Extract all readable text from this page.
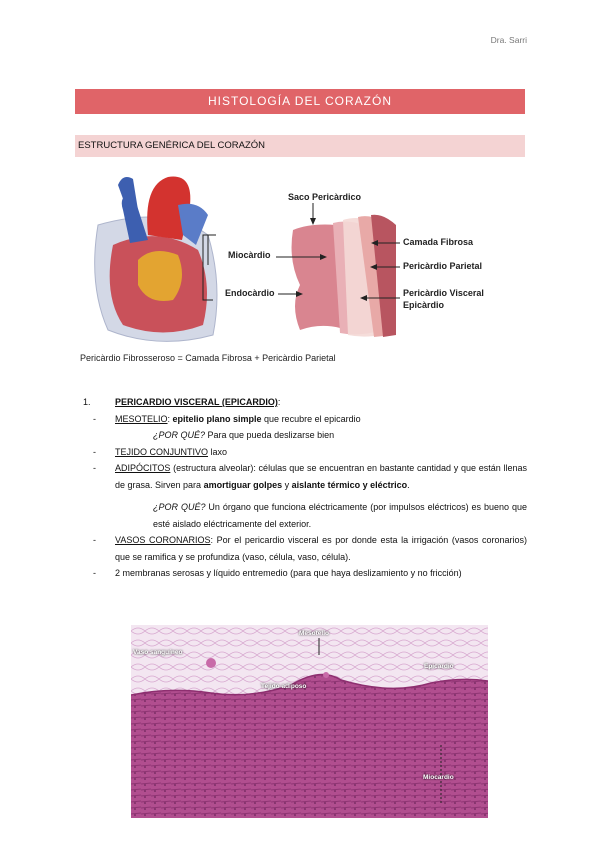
Dra. Sarri
HISTOLOGÍA DEL CORAZÓN
ESTRUCTURA GENÉRICA DEL CORAZÓN
Saco Pericàrdico
Miocàrdio
Endocàrdio
Camada Fibrosa
Pericàrdio Parietal
Pericàrdio Visceral
Epicàrdio
Pericàrdio Fibrosseroso = Camada Fibrosa + Pericàrdio Parietal
1.	PERICARDIO VISCERAL (EPICARDIO):
- MESOTELIO: epitelio plano simple que recubre el epicardio
¿POR QUÉ? Para que pueda deslizarse bien
- TEJIDO CONJUNTIVO laxo
- ADIPÓCITOS (estructura alveolar): células que se encuentran en bastante cantidad y que están llenas de grasa. Sirven para amortiguar golpes y aislante térmico y eléctrico.
¿POR QUÉ? Un órgano que funciona eléctricamente (por impulsos eléctricos) es bueno que esté aislado eléctricamente del exterior.
- VASOS CORONARIOS: Por el pericardio visceral es por donde esta la irrigación (vasos coronarios) que se ramifica y se profundiza (vaso, célula, vaso, célula).
- 2 membranas serosas y líquido entremedio (para que haya deslizamiento y no fricción)
Mesotelio
Vaso sanguíneo
Epicardio
Tejido adiposo
Miocardio
